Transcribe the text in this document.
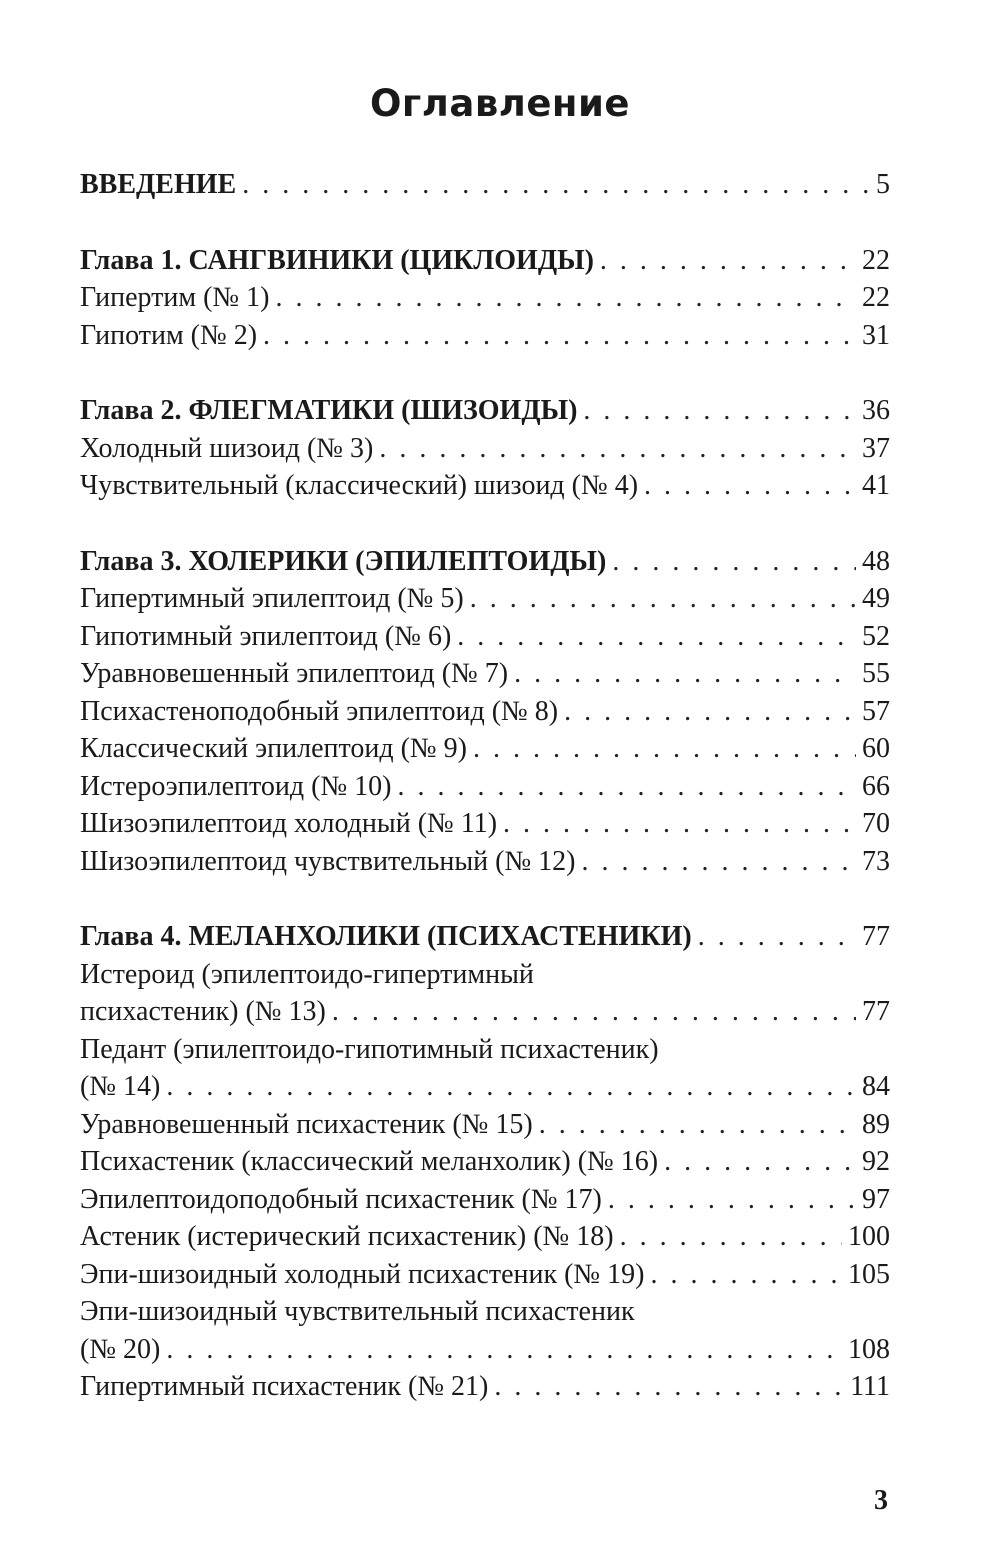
Оглавление
ВВЕДЕНИЕ . . .	5
Глава 1. САНГВИНИКИ (ЦИКЛОИДЫ) . . .	22
Гипертим (№ 1) . . .	22
Гипотим (№ 2) . . .	31
Глава 2. ФЛЕГМАТИКИ (ШИЗОИДЫ) . . .	36
Холодный шизоид (№ 3) . . .	37
Чувствительный (классический) шизоид (№ 4) . . .	41
Глава 3. ХОЛЕРИКИ (ЭПИЛЕПТОИДЫ) . . .	48
Гипертимный эпилептоид (№ 5) . . .	49
Гипотимный эпилептоид (№ 6) . . .	52
Уравновешенный эпилептоид (№ 7) . . .	55
Психастеноподобный эпилептоид (№ 8) . . .	57
Классический эпилептоид (№ 9) . . .	60
Истероэпилептоид (№ 10) . . .	66
Шизоэпилептоид холодный (№ 11) . . .	70
Шизоэпилептоид чувствительный (№ 12) . . .	73
Глава 4. МЕЛАНХОЛИКИ (ПСИХАСТЕНИКИ) . . .	77
Истероид (эпилептоидо-гипертимный
психастеник) (№ 13) . . .	77
Педант (эпилептоидо-гипотимный психастеник)
(№ 14) . . .	84
Уравновешенный психастеник (№ 15) . . .	89
Психастеник (классический меланхолик) (№ 16) . . .	92
Эпилептоидоподобный психастеник (№ 17) . . .	97
Астеник (истерический психастеник) (№ 18) . . .	100
Эпи-шизоидный холодный психастеник (№ 19) . . .	105
Эпи-шизоидный чувствительный психастеник
(№ 20) . . .	108
Гипертимный психастеник (№ 21) . . .	111
3
